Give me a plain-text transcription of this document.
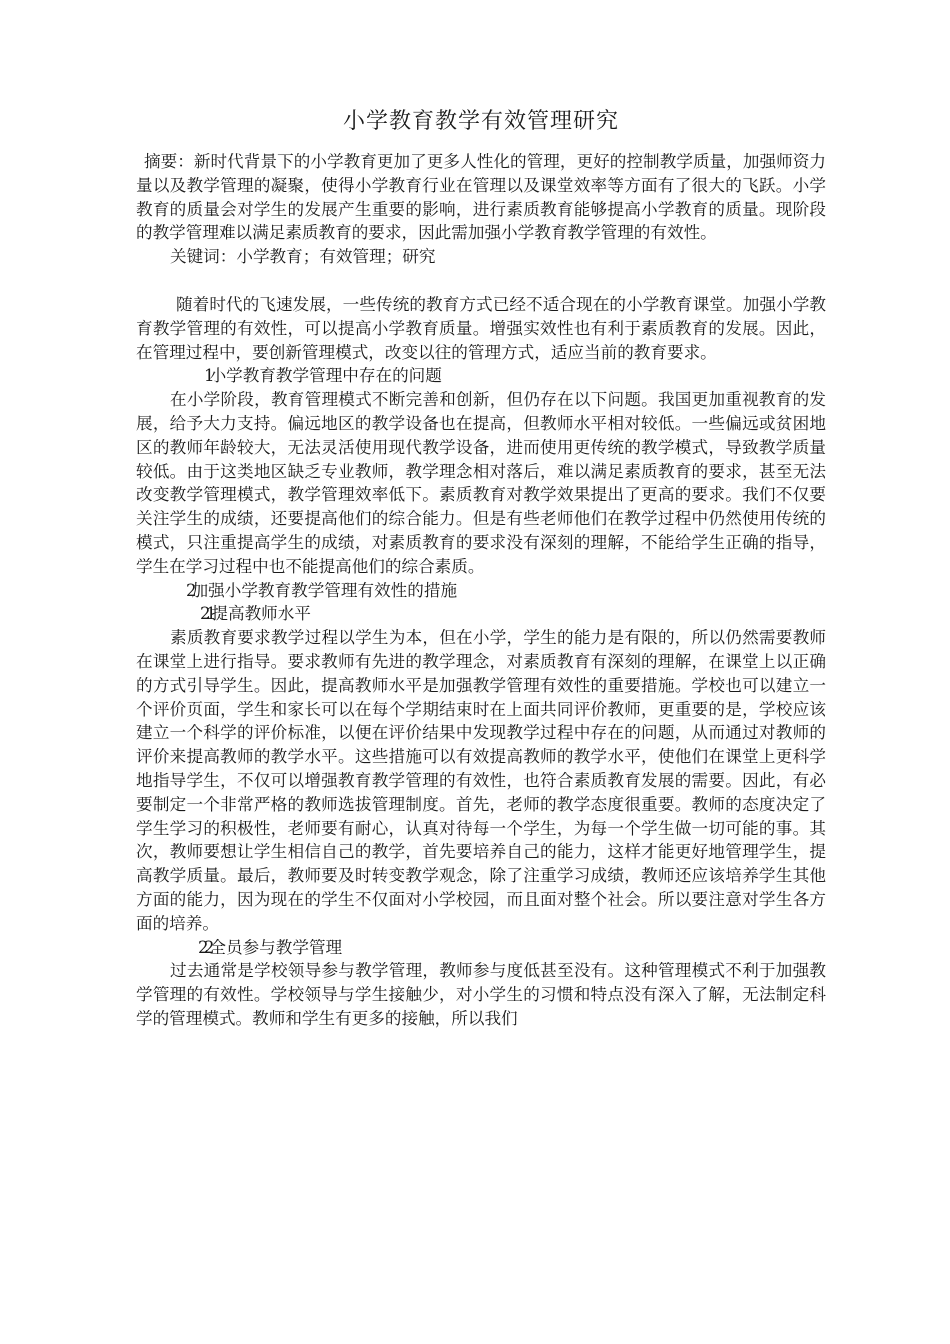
小学教育教学有效管理研究

摘要：新时代背景下的小学教育更加了更多人性化的管理，更好的控制教学质量，加强师资力量以及教学管理的凝聚，使得小学教育行业在管理以及课堂效率等方面有了很大的飞跃。小学教育的质量会对学生的发展产生重要的影响，进行素质教育能够提高小学教育的质量。现阶段的教学管理难以满足素质教育的要求，因此需加强小学教育教学管理的有效性。

关键词：小学教育；有效管理；研究

随着时代的飞速发展，一些传统的教育方式已经不适合现在的小学教育课堂。加强小学教育教学管理的有效性，可以提高小学教育质量。增强实效性也有利于素质教育的发展。因此，在管理过程中，要创新管理模式，改变以往的管理方式，适应当前的教育要求。

1小学教育教学管理中存在的问题

在小学阶段，教育管理模式不断完善和创新，但仍存在以下问题。我国更加重视教育的发展，给予大力支持。偏远地区的教学设备也在提高，但教师水平相对较低。一些偏远或贫困地区的教师年龄较大，无法灵活使用现代教学设备，进而使用更传统的教学模式，导致教学质量较低。由于这类地区缺乏专业教师，教学理念相对落后，难以满足素质教育的要求，甚至无法改变教学管理模式，教学管理效率低下。素质教育对教学效果提出了更高的要求。我们不仅要关注学生的成绩，还要提高他们的综合能力。但是有些老师他们在教学过程中仍然使用传统的模式，只注重提高学生的成绩，对素质教育的要求没有深刻的理解，不能给学生正确的指导，学生在学习过程中也不能提高他们的综合素质。

2加强小学教育教学管理有效性的措施

2.1提高教师水平

素质教育要求教学过程以学生为本，但在小学，学生的能力是有限的，所以仍然需要教师在课堂上进行指导。要求教师有先进的教学理念，对素质教育有深刻的理解，在课堂上以正确的方式引导学生。因此，提高教师水平是加强教学管理有效性的重要措施。学校也可以建立一个评价页面，学生和家长可以在每个学期结束时在上面共同评价教师，更重要的是，学校应该建立一个科学的评价标准，以便在评价结果中发现教学过程中存在的问题，从而通过对教师的评价来提高教师的教学水平。这些措施可以有效提高教师的教学水平，使他们在课堂上更科学地指导学生，不仅可以增强教育教学管理的有效性，也符合素质教育发展的需要。因此，有必要制定一个非常严格的教师选拔管理制度。首先，老师的教学态度很重要。教师的态度决定了学生学习的积极性，老师要有耐心，认真对待每一个学生，为每一个学生做一切可能的事。其次，教师要想让学生相信自己的教学，首先要培养自己的能力，这样才能更好地管理学生，提高教学质量。最后，教师要及时转变教学观念，除了注重学习成绩，教师还应该培养学生其他方面的能力，因为现在的学生不仅面对小学校园，而且面对整个社会。所以要注意对学生各方面的培养。

2.2全员参与教学管理

过去通常是学校领导参与教学管理，教师参与度低甚至没有。这种管理模式不利于加强教学管理的有效性。学校领导与学生接触少，对小学生的习惯和特点没有深入了解，无法制定科学的管理模式。教师和学生有更多的接触，所以我们
